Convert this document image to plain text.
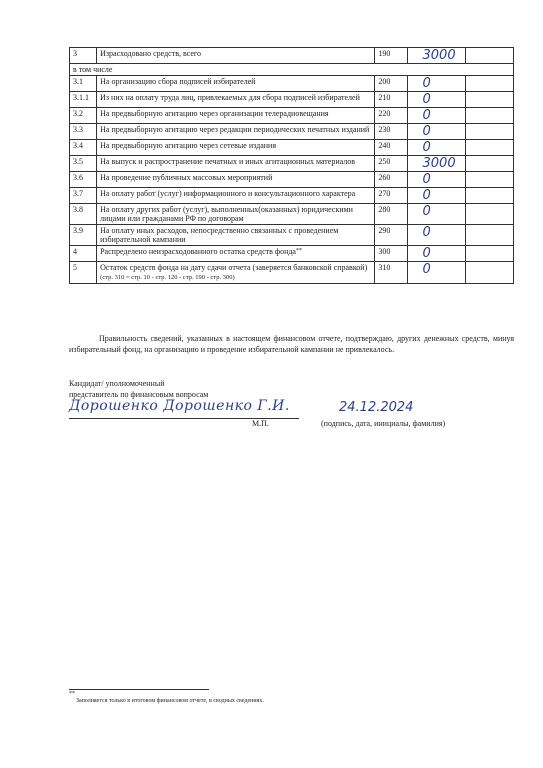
3	Израсходовано средств, всего	190	3000	

в том числе				
3.1	На организацию сбора подписей избирателей	200	0	

3.1.1	Из них на оплату труда лиц, привлекаемых для сбора подписей избирателей	210	0	

3.2	На предвыборную агитацию через организации телерадиовещания	220	0	

3.3	На предвыборную агитацию через редакции периодических печатных изданий	230	0	

3.4	На предвыборную агитацию через сетевые издания	240	0	

3.5	На выпуск и распространение печатных и иных агитационных материалов	250	3000	

3.6	На проведение публичных массовых мероприятий	260	0	

3.7	На оплату работ (услуг) информационного и консультационного характера	270	0	

3.8	На оплату других работ (услуг), выполненных(оказанных) юридическими лицами или гражданами РФ по договорам	280	0	

3.9	На оплату иных расходов, непосредственно связанных с проведением избирательной кампании	290	0	

4	Распределено неизрасходованного остатка средств фонда**	300	0	

5	Остаток средств фонда на дату сдачи отчета (заверяется банковской справкой)
(стр. 310 = стр. 10 - стр. 120 - стр. 190 - стр. 300)	310	0	

Правильность сведений, указанных в настоящем финансовом отчете, подтверждаю, других денежных средств, минуя избирательный фонд, на организацию и проведение избирательной кампании не привлекалось.
Кандидат/ уполномоченный
представитель по финансовым вопросам
Дорошенко Дорошенко Г.И.	24.12.2024
М.П.	(подпись, дата, инициалы, фамилия)
**
Заполняется только в итоговом финансовом отчете, в сводных сведениях.
